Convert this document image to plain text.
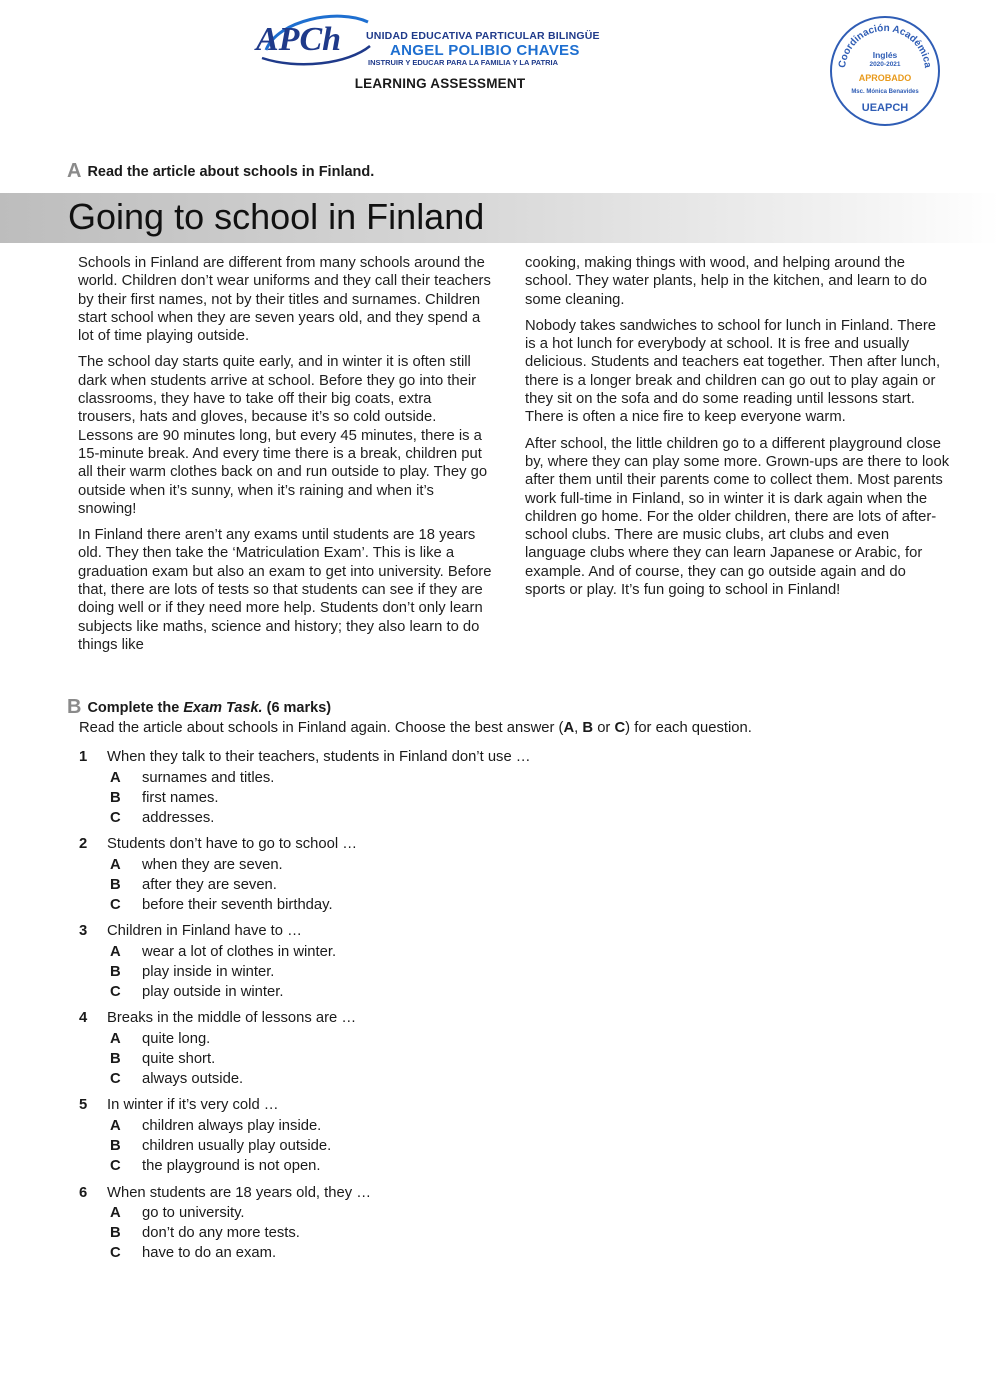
APCh UNIDAD EDUCATIVA PARTICULAR BILINGÜE
ANGEL POLIBIO CHAVES
INSTRUIR Y EDUCAR PARA LA FAMILIA Y LA PATRIA
LEARNING ASSESSMENT
Coordinación Académica
Inglés
2020-2021
APROBADO
Msc. Mónica Benavides
UEAPCH
A Read the article about schools in Finland.
Going to school in Finland

Schools in Finland are different from many schools around the world. Children don’t wear uniforms and they call their teachers by their first names, not by their titles and surnames. Children start school when they are seven years old, and they spend a lot of time playing outside.

The school day starts quite early, and in winter it is often still dark when students arrive at school. Before they go into their classrooms, they have to take off their big coats, extra trousers, hats and gloves, because it’s so cold outside. Lessons are 90 minutes long, but every 45 minutes, there is a 15-minute break. And every time there is a break, children put all their warm clothes back on and run outside to play. They go outside when it’s sunny, when it’s raining and when it’s snowing!

In Finland there aren’t any exams until students are 18 years old. They then take the ‘Matriculation Exam’. This is like a graduation exam but also an exam to get into university. Before that, there are lots of tests so that students can see if they are doing well or if they need more help. Students don’t only learn subjects like maths, science and history; they also learn to do things like

cooking, making things with wood, and helping around the school. They water plants, help in the kitchen, and learn to do some cleaning.

Nobody takes sandwiches to school for lunch in Finland. There is a hot lunch for everybody at school. It is free and usually delicious. Students and teachers eat together. Then after lunch, there is a longer break and children can go out to play again or they sit on the sofa and do some reading until lessons start. There is often a nice fire to keep everyone warm.

After school, the little children go to a different playground close by, where they can play some more. Grown-ups are there to look after them until their parents come to collect them. Most parents work full-time in Finland, so in winter it is dark again when the children go home. For the older children, there are lots of after-school clubs. There are music clubs, art clubs and even language clubs where they can learn Japanese or Arabic, for example. And of course, they can go outside again and do sports or play. It’s fun going to school in Finland!

B Complete the Exam Task. (6 marks)
Read the article about schools in Finland again. Choose the best answer (A, B or C) for each question.
1 When they talk to their teachers, students in Finland don’t use …
A surnames and titles.
B first names.
C addresses.
2 Students don’t have to go to school …
A when they are seven.
B after they are seven.
C before their seventh birthday.
3 Children in Finland have to …
A wear a lot of clothes in winter.
B play inside in winter.
C play outside in winter.
4 Breaks in the middle of lessons are …
A quite long.
B quite short.
C always outside.
5 In winter if it’s very cold …
A children always play inside.
B children usually play outside.
C the playground is not open.
6 When students are 18 years old, they …
A go to university.
B don’t do any more tests.
C have to do an exam.
